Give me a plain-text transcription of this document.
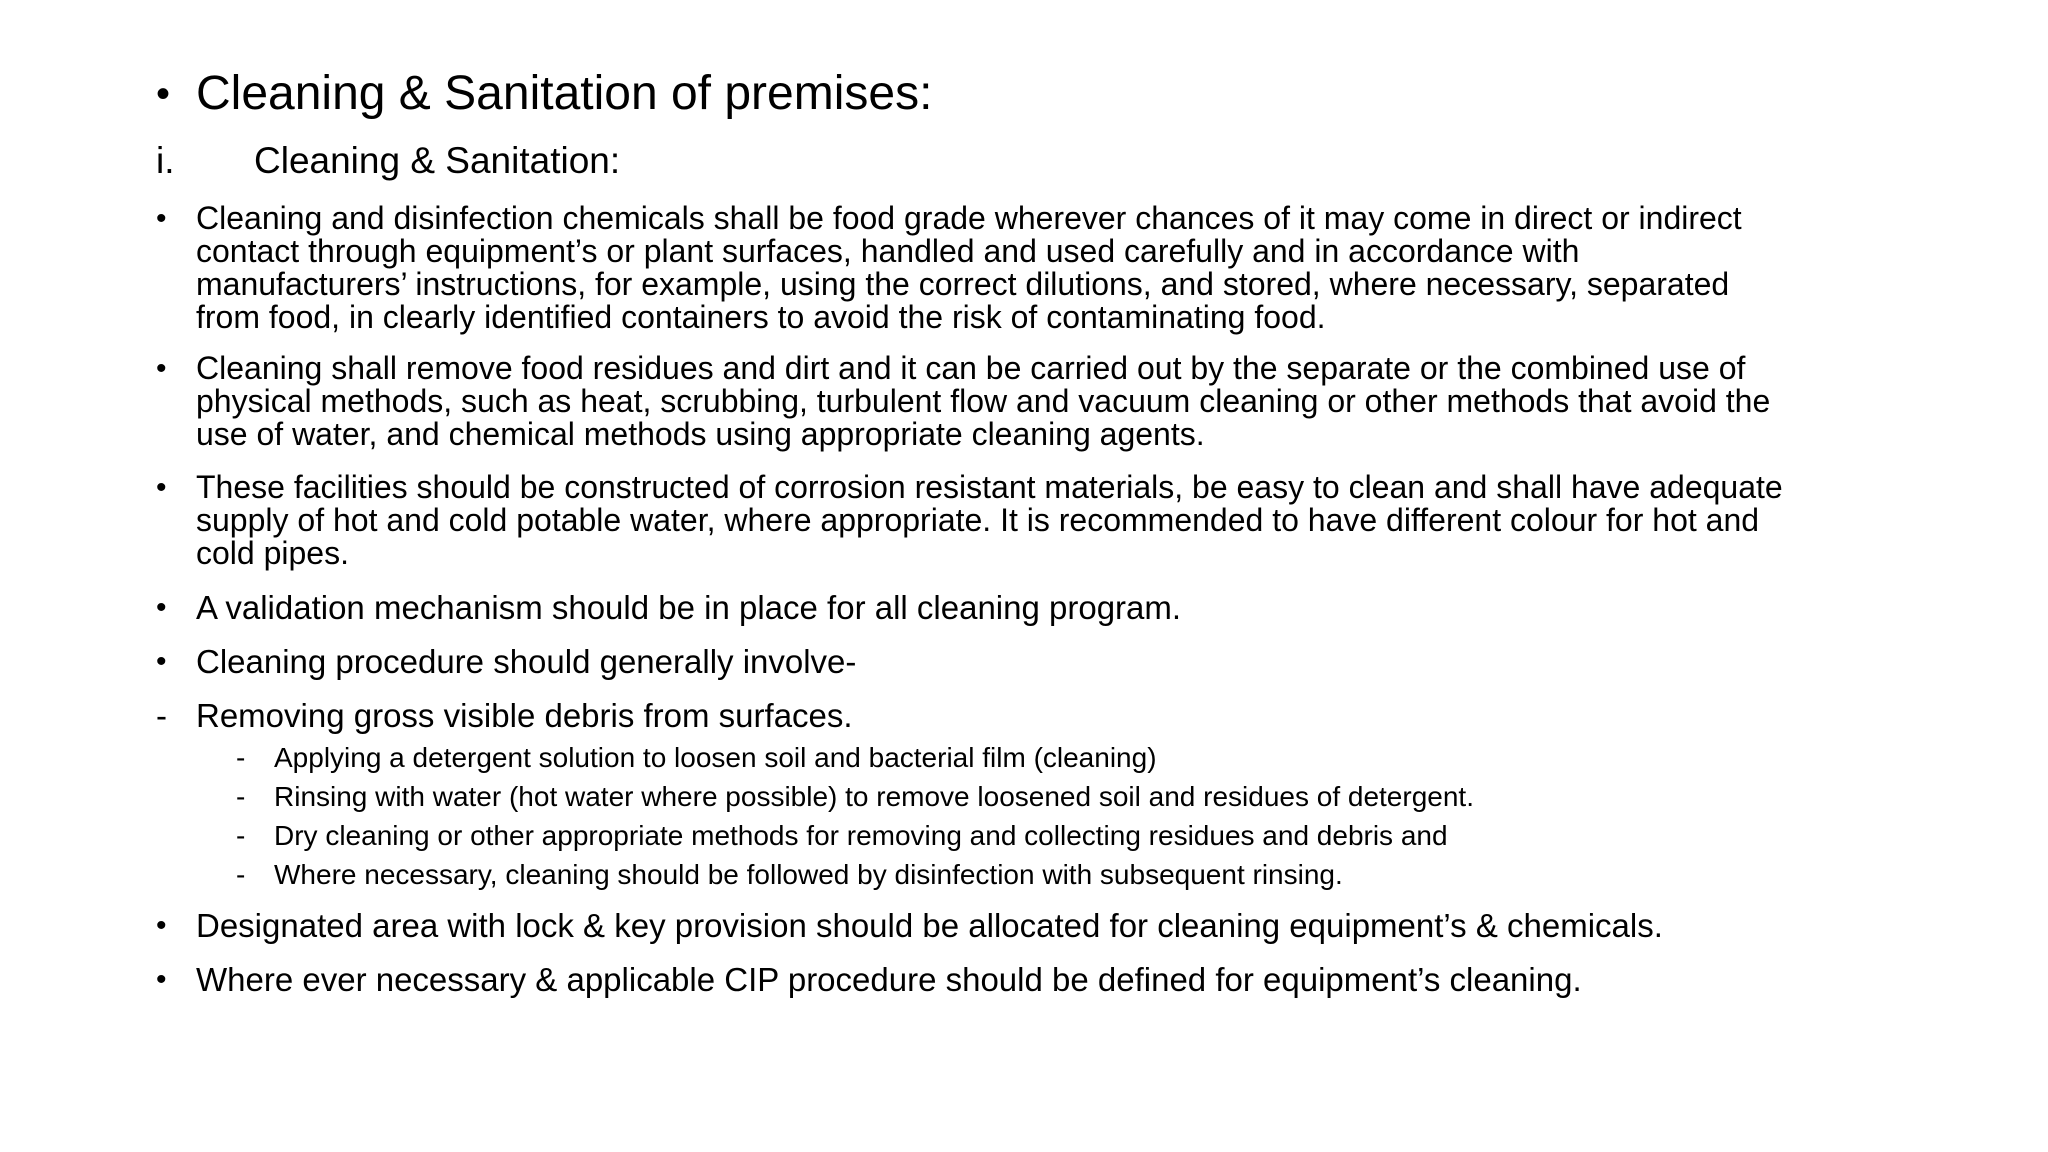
• Cleaning & Sanitation of premises:
i. Cleaning & Sanitation:
• Cleaning and disinfection chemicals shall be food grade wherever chances of it may come in direct or indirect
contact through equipment’s or plant surfaces, handled and used carefully and in accordance with
manufacturers’ instructions, for example, using the correct dilutions, and stored, where necessary, separated
from food, in clearly identified containers to avoid the risk of contaminating food.
• Cleaning shall remove food residues and dirt and it can be carried out by the separate or the combined use of
physical methods, such as heat, scrubbing, turbulent flow and vacuum cleaning or other methods that avoid the
use of water, and chemical methods using appropriate cleaning agents.
• These facilities should be constructed of corrosion resistant materials, be easy to clean and shall have adequate
supply of hot and cold potable water, where appropriate. It is recommended to have different colour for hot and
cold pipes.
• A validation mechanism should be in place for all cleaning program.
• Cleaning procedure should generally involve-
- Removing gross visible debris from surfaces.
- Applying a detergent solution to loosen soil and bacterial film (cleaning)
- Rinsing with water (hot water where possible) to remove loosened soil and residues of detergent.
- Dry cleaning or other appropriate methods for removing and collecting residues and debris and
- Where necessary, cleaning should be followed by disinfection with subsequent rinsing.
• Designated area with lock & key provision should be allocated for cleaning equipment’s & chemicals.
• Where ever necessary & applicable CIP procedure should be defined for equipment’s cleaning.
